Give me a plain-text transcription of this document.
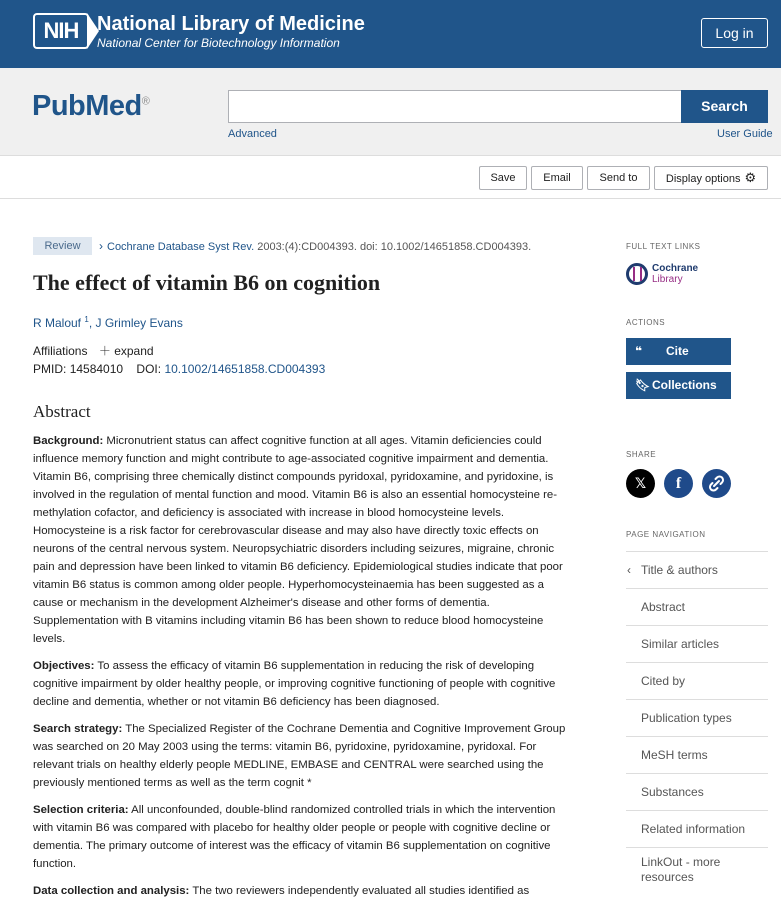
NIH National Library of Medicine
National Center for Biotechnology Information
Log in
PubMed®	Search
Advanced	User Guide
Save	Email	Send to	Display options ⚙
Review	› Cochrane Database Syst Rev. 2003:(4):CD004393. doi: 10.1002/14651858.CD004393.
The effect of vitamin B6 on cognition
R Malouf $^1$, J Grimley Evans
Affiliations ＋ expand
PMID: 14584010 DOI: 10.1002/14651858.CD004393
Abstract

Background: Micronutrient status can affect cognitive function at all ages. Vitamin deficiencies could influence memory function and might contribute to age-associated cognitive impairment and dementia. Vitamin B6, comprising three chemically distinct compounds pyridoxal, pyridoxamine, and pyridoxine, is involved in the regulation of mental function and mood. Vitamin B6 is also an essential homocysteine re-methylation cofactor, and deficiency is associated with increase in blood homocysteine levels. Homocysteine is a risk factor for cerebrovascular disease and may also have directly toxic effects on neurons of the central nervous system. Neuropsychiatric disorders including seizures, migraine, chronic pain and depression have been linked to vitamin B6 deficiency. Epidemiological studies indicate that poor vitamin B6 status is common among older people. Hyperhomocysteinaemia has been suggested as a cause or mechanism in the development Alzheimer's disease and other forms of dementia. Supplementation with B vitamins including vitamin B6 has been shown to reduce blood homocysteine levels.

Objectives: To assess the efficacy of vitamin B6 supplementation in reducing the risk of developing cognitive impairment by older healthy people, or improving cognitive functioning of people with cognitive decline and dementia, whether or not vitamin B6 deficiency has been diagnosed.

Search strategy: The Specialized Register of the Cochrane Dementia and Cognitive Improvement Group was searched on 20 May 2003 using the terms: vitamin B6, pyridoxine, pyridoxamine, pyridoxal. For relevant trials on healthy elderly people MEDLINE, EMBASE and CENTRAL were searched using the previously mentioned terms as well as the term cognit *

Selection criteria: All unconfounded, double-blind randomized controlled trials in which the intervention with vitamin B6 was compared with placebo for healthy older people or people with cognitive decline or dementia. The primary outcome of interest was the efficacy of vitamin B6 supplementation on cognitive function.

Data collection and analysis: The two reviewers independently evaluated all studies identified as

FULL TEXT LINKS
Cochrane
Library
ACTIONS
❝ Cite
🔖︎ Collections
SHARE
𝕏	f
PAGE NAVIGATION
‹ Title & authors
Abstract
Similar articles
Cited by
Publication types
MeSH terms
Substances
Related information
LinkOut - more resources
